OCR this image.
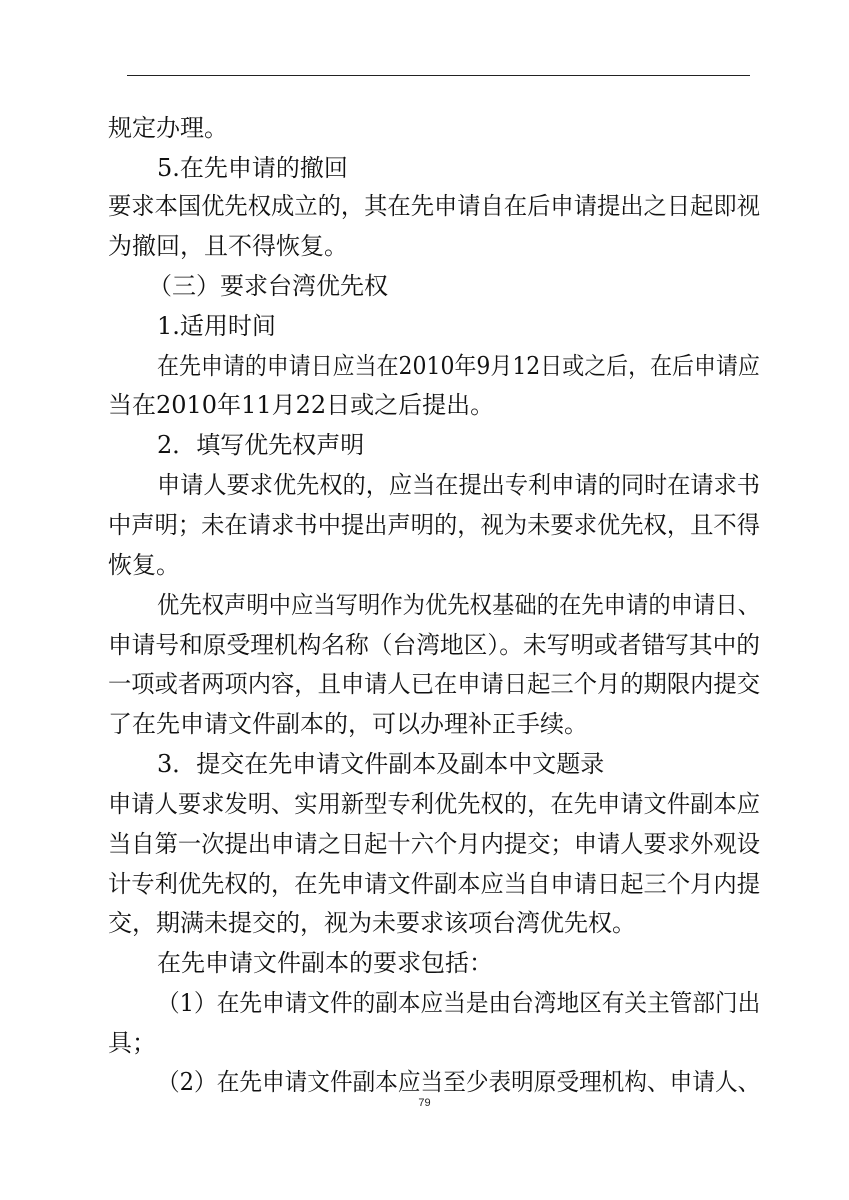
规定办理。
5.在先申请的撤回
要求本国优先权成立的，其在先申请自在后申请提出之日起即视
为撤回，且不得恢复。
（三）要求台湾优先权
1.适用时间
在先申请的申请日应当在2010年9月12日或之后，在后申请应
当在2010年11月22日或之后提出。
2．填写优先权声明
申请人要求优先权的，应当在提出专利申请的同时在请求书
中声明；未在请求书中提出声明的，视为未要求优先权，且不得
恢复。
优先权声明中应当写明作为优先权基础的在先申请的申请日、
申请号和原受理机构名称（台湾地区）。未写明或者错写其中的
一项或者两项内容，且申请人已在申请日起三个月的期限内提交
了在先申请文件副本的，可以办理补正手续。
3．提交在先申请文件副本及副本中文题录
申请人要求发明、实用新型专利优先权的，在先申请文件副本应
当自第一次提出申请之日起十六个月内提交；申请人要求外观设
计专利优先权的，在先申请文件副本应当自申请日起三个月内提
交，期满未提交的，视为未要求该项台湾优先权。
在先申请文件副本的要求包括：
（1）在先申请文件的副本应当是由台湾地区有关主管部门出
具；
（2）在先申请文件副本应当至少表明原受理机构、申请人、
79
